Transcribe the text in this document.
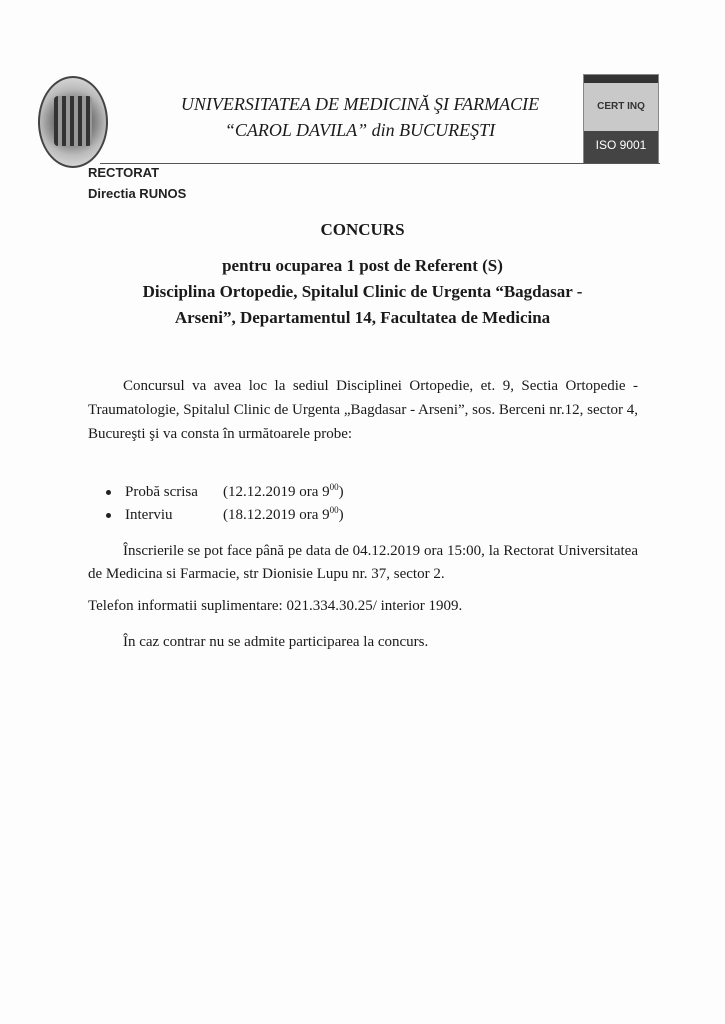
UNIVERSITATEA DE MEDICINĂ ŞI FARMACIE
“CAROL DAVILA” din BUCUREŞTI
CERT INQ
ISO 9001
RECTORAT
Directia RUNOS
CONCURS
pentru ocuparea 1 post de Referent (S)
Disciplina Ortopedie, Spitalul Clinic de Urgenta “Bagdasar -
Arseni”, Departamentul 14, Facultatea de Medicina
Concursul va avea loc la sediul Disciplinei Ortopedie, et. 9, Sectia Ortopedie - Traumatologie, Spitalul Clinic de Urgenta „Bagdasar - Arseni”, sos. Berceni nr.12, sector 4, Bucureşti şi va consta în următoarele probe:
Probă scrisa (12.12.2019 ora $9^{00}$)
Interviu	(18.12.2019 ora $9^{00}$)
Înscrierile se pot face până pe data de 04.12.2019 ora 15:00, la Rectorat Universitatea de Medicina si Farmacie, str Dionisie Lupu nr. 37, sector 2.
Telefon informatii suplimentare: 021.334.30.25/ interior 1909.
În caz contrar nu se admite participarea la concurs.
